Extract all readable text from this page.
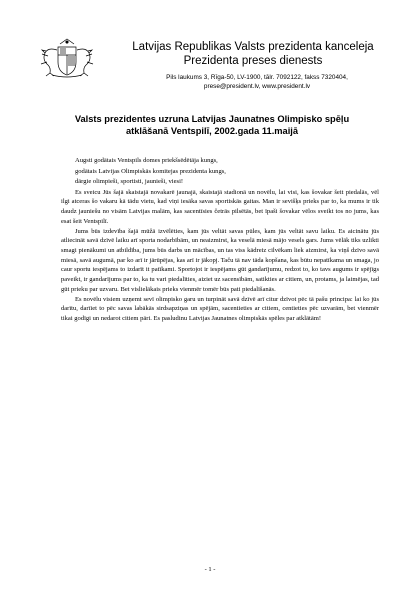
Latvijas Republikas Valsts prezidenta kanceleja
Prezidenta preses dienests
Pils laukums 3, Rīga-50, LV-1900, tālr. 7092122, fakss 7320404,
prese@president.lv, www.president.lv
Valsts prezidentes uzruna Latvijas Jaunatnes Olimpisko spēļu
atklāšanā Ventspilī, 2002.gada 11.maijā

Augsti godātais Ventspils domes priekšsēdētāja kungs,

godātais Latvijas Olimpiskās komitejas prezidenta kungs,

dārgie olimpieši, sportisti, jaunieši, viesi!

Es sveicu Jūs šajā skaistajā novakarē jaunajā, skaistajā stadionā un novēlu, lai visi, kas šovakar šeit piedalās, vēl ilgi atceras šo vakaru kā tādu vietu, kad viņi iesāka savas sportiskās gaitas. Man ir sevišķs prieks par to, ka mums ir tik daudz jauniešu no visām Latvijas malām, kas sacentīsies četrās pilsētās, bet īpaši šovakar vēlos sveikt tos no jums, kas esat šeit Ventspilī.

Jums būs izdevība šajā mūžā izvēlēties, kam jūs veltāt savas pūles, kam jūs veltāt savu laiku. Es aicinātu jūs atliecināt savā dzīvē laiku arī sporta nodarbībām, un neaizmirst, ka veselā miesā mājo vesels gars. Jums vēlāk tiks uzlikti smagi pienākumi un atbildība, jums būs darbs un mācības, un tas viss kādreiz cilvēkam liek aizmirst, ka viņš dzīvo savā miesā, savā augumā, par ko arī ir jārūpējas, kas arī ir jākopj. Taču tā nav tāda kopšana, kas būtu nepatīkama un smaga, jo caur sportu iespējams to izdarīt it patīkami. Sportojot ir iespējams gūt gandarījumu, redzot to, ko tavs augums ir spējīgs paveikt, ir gandarījums par to, ka tu vari piedalīties, aiziet uz sacensībām, satikties ar citiem, un, protams, ja laimējas, tad gūt prieku par uzvaru. Bet vislielākais prieks vienmēr tomēr būs pati piedalīšanās.

Es novēlu visiem uzņemt sevī olimpisko garu un turpināt savā dzīvē arī citur dzīvot pēc tā pašu principa: lai ko jūs darītu, darīiet to pēc savas labākās sirdsapziņas un spējām, sacentieties ar citiem, centieties pēc uzvarām, bet vienmēr tikai godīgi un nedarot citiem pāri. Es pasludinu Latvijas Jaunatnes olimpiskās spēles par atklātām!

- 1 -
